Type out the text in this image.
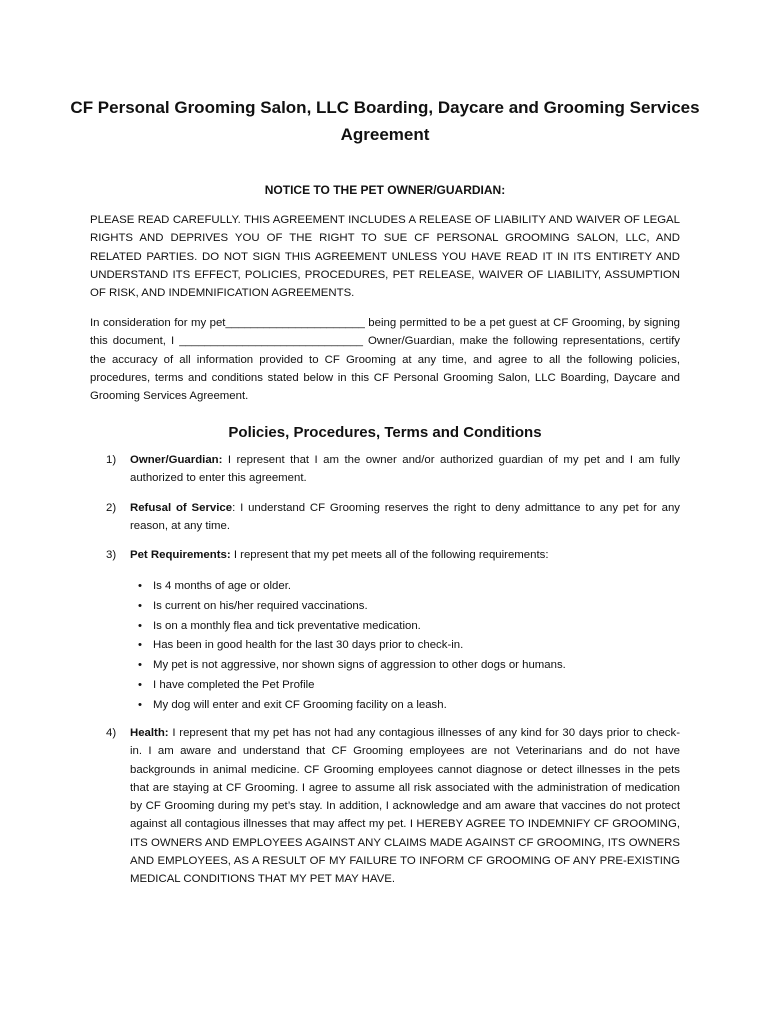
CF Personal Grooming Salon, LLC Boarding, Daycare and Grooming Services Agreement
NOTICE TO THE PET OWNER/GUARDIAN:
PLEASE READ CAREFULLY. THIS AGREEMENT INCLUDES A RELEASE OF LIABILITY AND WAIVER OF LEGAL RIGHTS AND DEPRIVES YOU OF THE RIGHT TO SUE CF PERSONAL GROOMING SALON, LLC, AND RELATED PARTIES. DO NOT SIGN THIS AGREEMENT UNLESS YOU HAVE READ IT IN ITS ENTIRETY AND UNDERSTAND ITS EFFECT, POLICIES, PROCEDURES, PET RELEASE, WAIVER OF LIABILITY, ASSUMPTION OF RISK, AND INDEMNIFICATION AGREEMENTS.
In consideration for my pet______________________ being permitted to be a pet guest at CF Grooming, by signing this document, I _____________________________ Owner/Guardian, make the following representations, certify the accuracy of all information provided to CF Grooming at any time, and agree to all the following policies, procedures, terms and conditions stated below in this CF Personal Grooming Salon, LLC Boarding, Daycare and Grooming Services Agreement.
Policies, Procedures, Terms and Conditions
1) Owner/Guardian: I represent that I am the owner and/or authorized guardian of my pet and I am fully authorized to enter this agreement.
2) Refusal of Service: I understand CF Grooming reserves the right to deny admittance to any pet for any reason, at any time.
3) Pet Requirements: I represent that my pet meets all of the following requirements:
• Is 4 months of age or older.
• Is current on his/her required vaccinations.
• Is on a monthly flea and tick preventative medication.
• Has been in good health for the last 30 days prior to check-in.
• My pet is not aggressive, nor shown signs of aggression to other dogs or humans.
• I have completed the Pet Profile
• My dog will enter and exit CF Grooming facility on a leash.
4) Health: I represent that my pet has not had any contagious illnesses of any kind for 30 days prior to check-in. I am aware and understand that CF Grooming employees are not Veterinarians and do not have backgrounds in animal medicine. CF Grooming employees cannot diagnose or detect illnesses in the pets that are staying at CF Grooming. I agree to assume all risk associated with the administration of medication by CF Grooming during my pet’s stay. In addition, I acknowledge and am aware that vaccines do not protect against all contagious illnesses that may affect my pet. I HEREBY AGREE TO INDEMNIFY CF GROOMING, ITS OWNERS AND EMPLOYEES AGAINST ANY CLAIMS MADE AGAINST CF GROOMING, ITS OWNERS AND EMPLOYEES, AS A RESULT OF MY FAILURE TO INFORM CF GROOMING OF ANY PRE-EXISTING MEDICAL CONDITIONS THAT MY PET MAY HAVE.
